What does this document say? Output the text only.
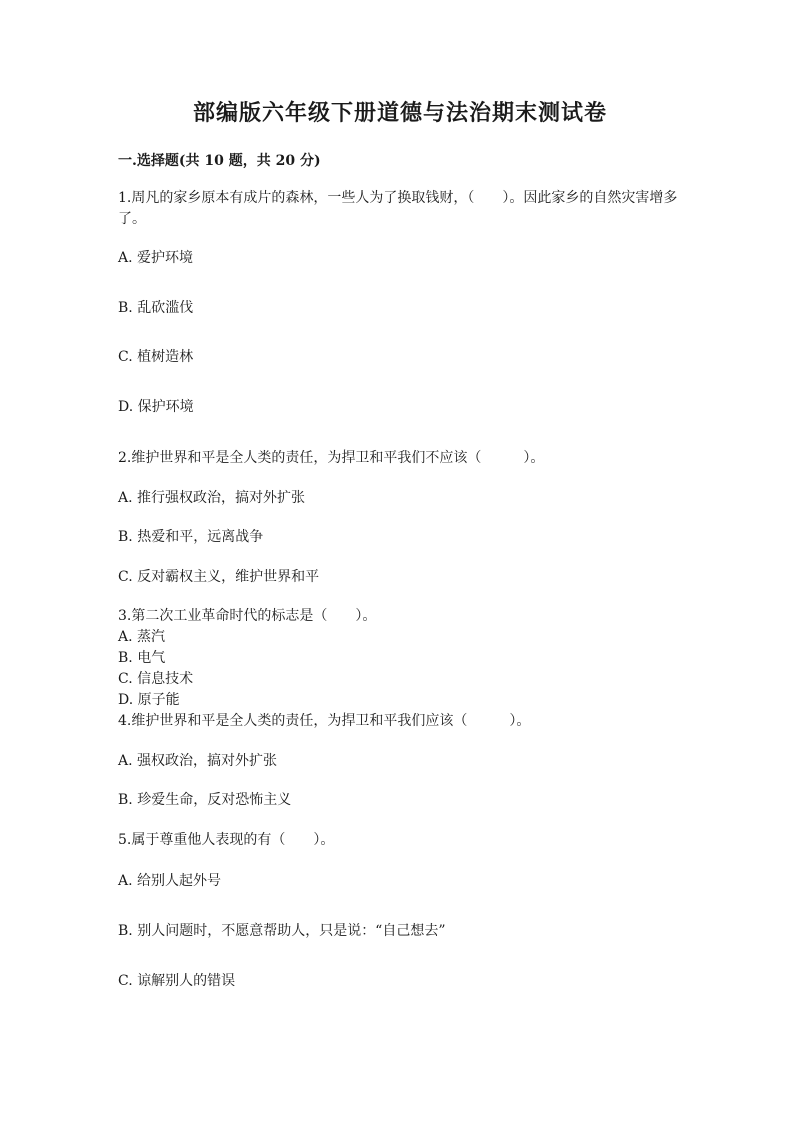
部编版六年级下册道德与法治期末测试卷
一.选择题(共 10 题，共 20 分)
1.周凡的家乡原本有成片的森林，一些人为了换取钱财，（　　）。因此家乡的自然灾害增多了。
A. 爱护环境
B. 乱砍滥伐
C. 植树造林
D. 保护环境
2.维护世界和平是全人类的责任，为捍卫和平我们不应该（　　　）。
A. 推行强权政治，搞对外扩张
B. 热爱和平，远离战争
C. 反对霸权主义，维护世界和平
3.第二次工业革命时代的标志是（　　）。
A. 蒸汽
B. 电气
C. 信息技术
D. 原子能
4.维护世界和平是全人类的责任，为捍卫和平我们应该（　　　）。
A. 强权政治，搞对外扩张
B. 珍爱生命，反对恐怖主义
5.属于尊重他人表现的有（　　）。
A. 给别人起外号
B. 别人问题时，不愿意帮助人，只是说：“自己想去”
C. 谅解别人的错误
